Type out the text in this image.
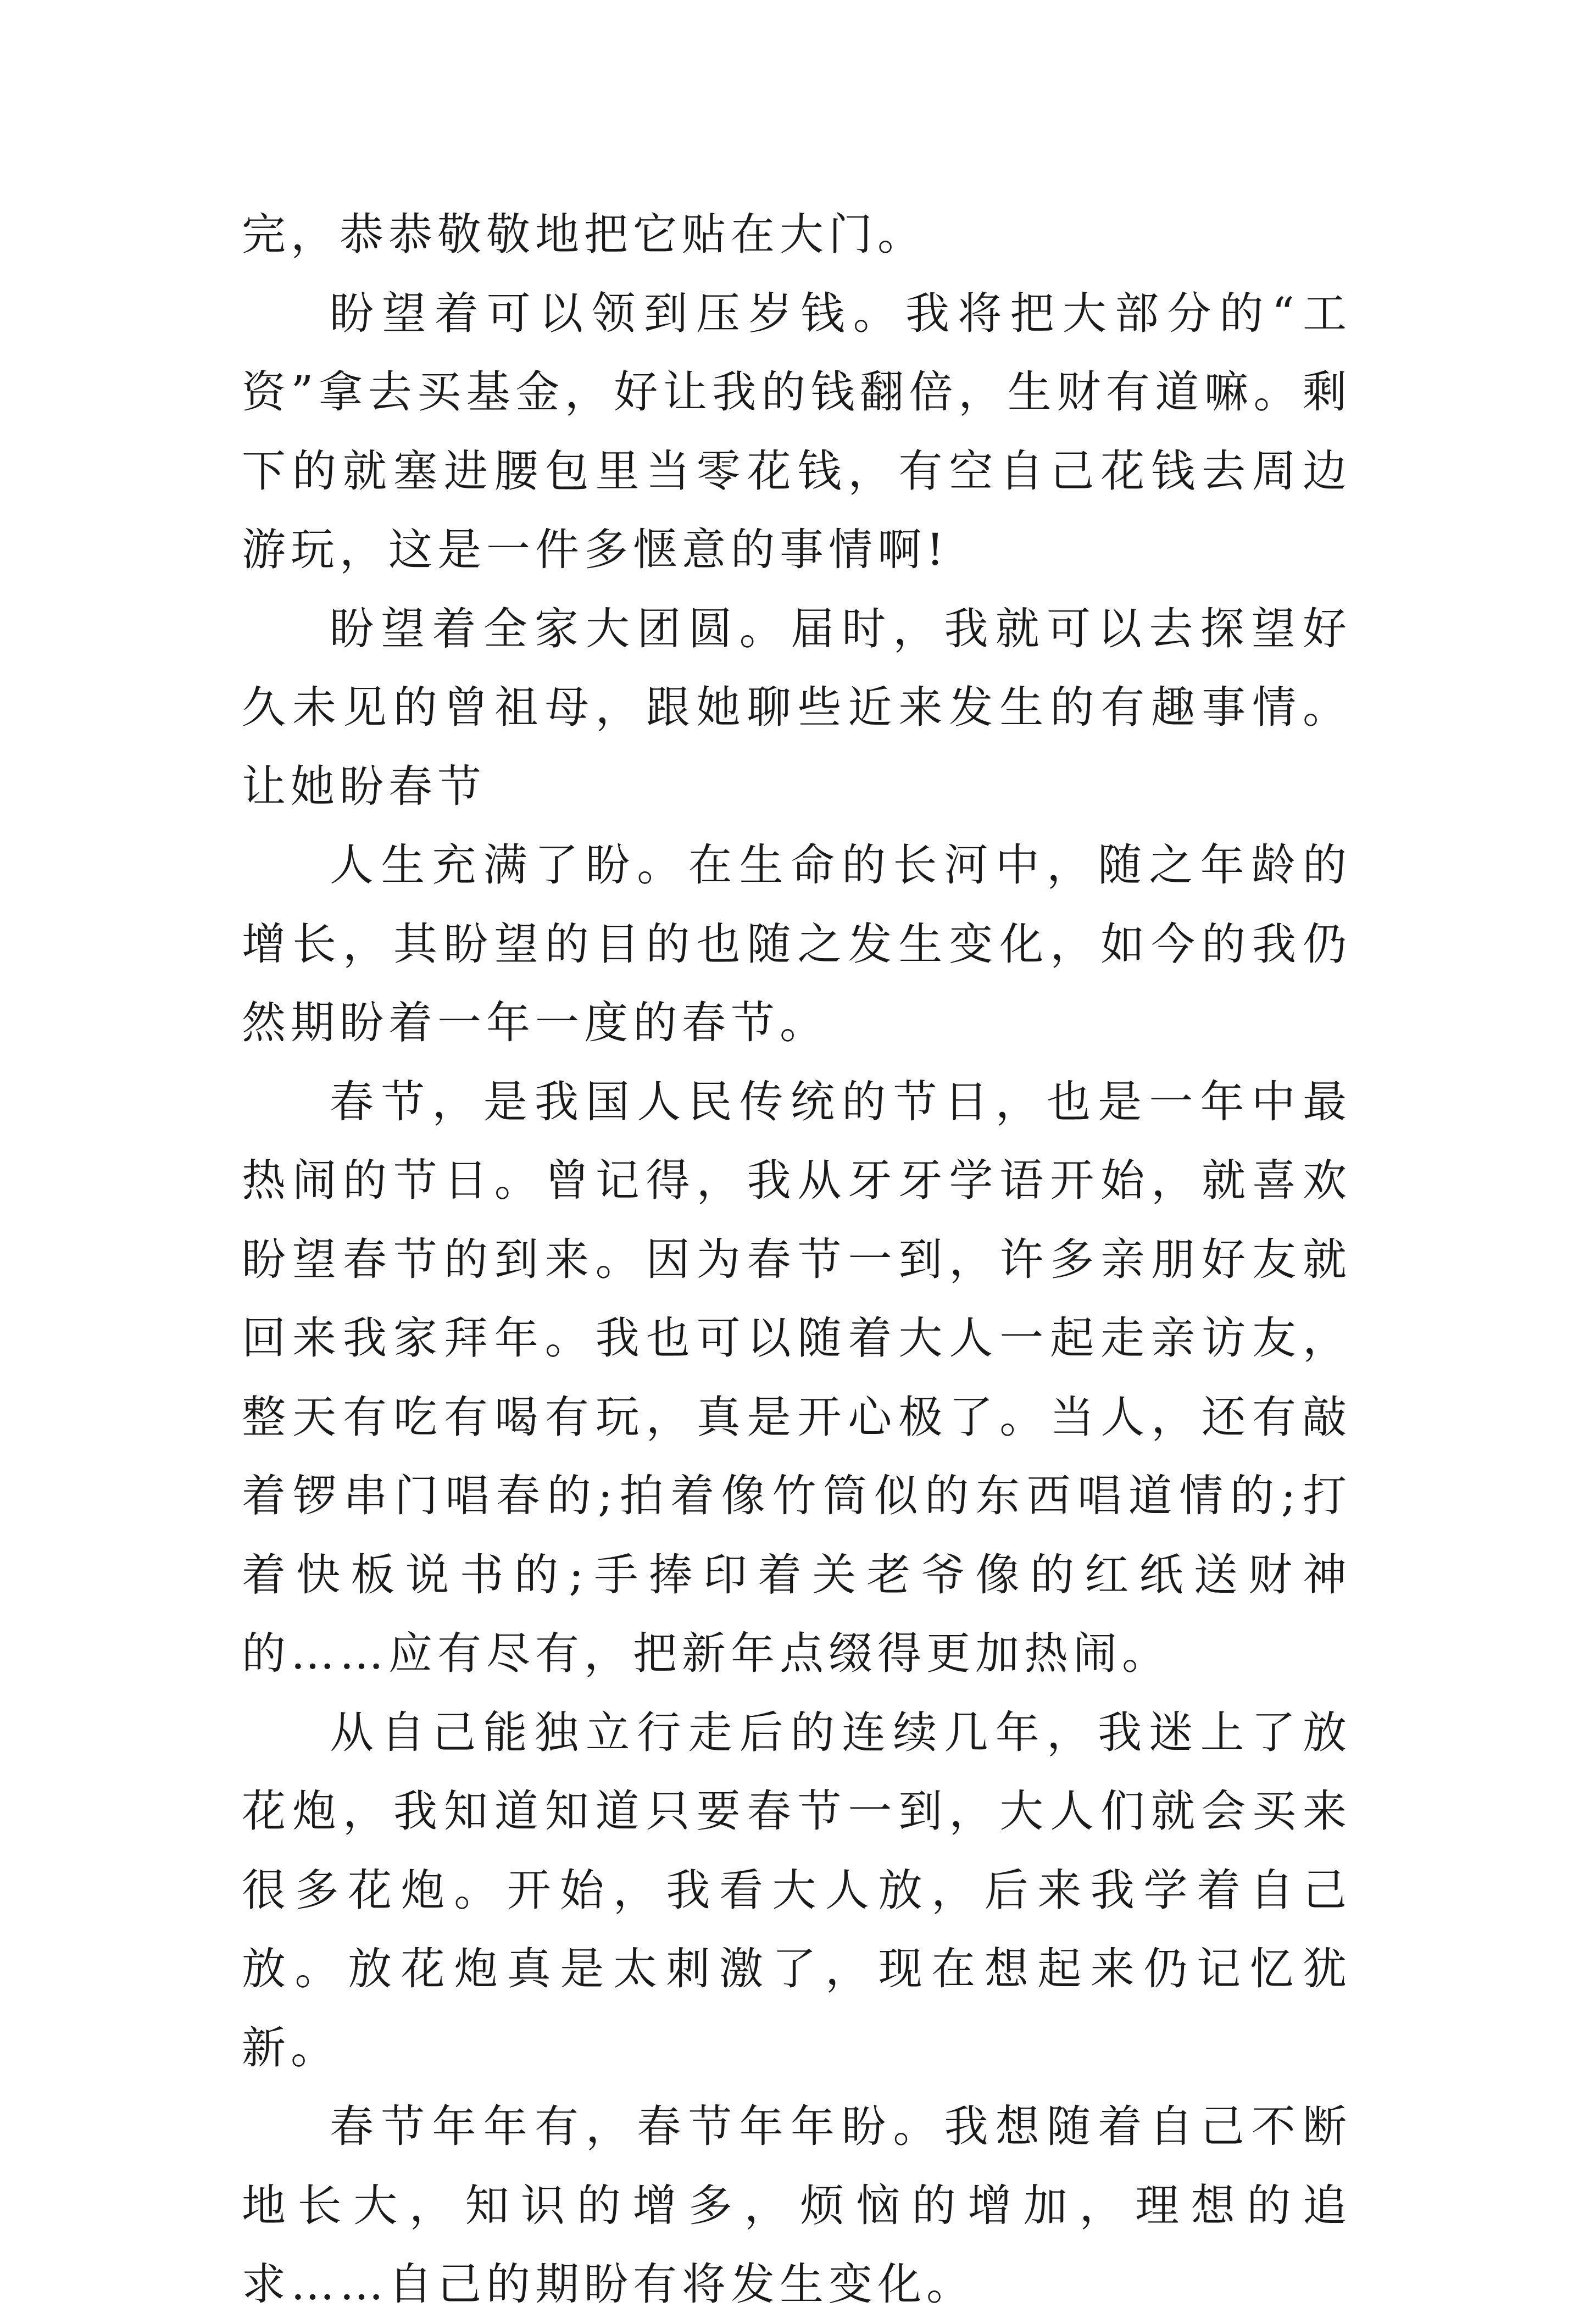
完，恭恭敬敬地把它贴在大门。

盼望着可以领到压岁钱。我将把大部分的“工资”拿去买基金，好让我的钱翻倍，生财有道嘛。剩下的就塞进腰包里当零花钱，有空自己花钱去周边游玩，这是一件多惬意的事情啊!

盼望着全家大团圆。届时，我就可以去探望好久未见的曾祖母，跟她聊些近来发生的有趣事情。让她盼春节

人生充满了盼。在生命的长河中，随之年龄的增长，其盼望的目的也随之发生变化，如今的我仍然期盼着一年一度的春节。

春节，是我国人民传统的节日，也是一年中最热闹的节日。曾记得，我从牙牙学语开始，就喜欢盼望春节的到来。因为春节一到，许多亲朋好友就回来我家拜年。我也可以随着大人一起走亲访友，整天有吃有喝有玩，真是开心极了。当人，还有敲着锣串门唱春的;拍着像竹筒似的东西唱道情的;打着快板说书的;手捧印着关老爷像的红纸送财神的……应有尽有，把新年点缀得更加热闹。

从自己能独立行走后的连续几年，我迷上了放花炮，我知道知道只要春节一到，大人们就会买来很多花炮。开始，我看大人放，后来我学着自己放。放花炮真是太刺激了，现在想起来仍记忆犹新。

春节年年有，春节年年盼。我想随着自己不断地长大，知识的增多，烦恼的增加，理想的追求……自己的期盼有将发生变化。
